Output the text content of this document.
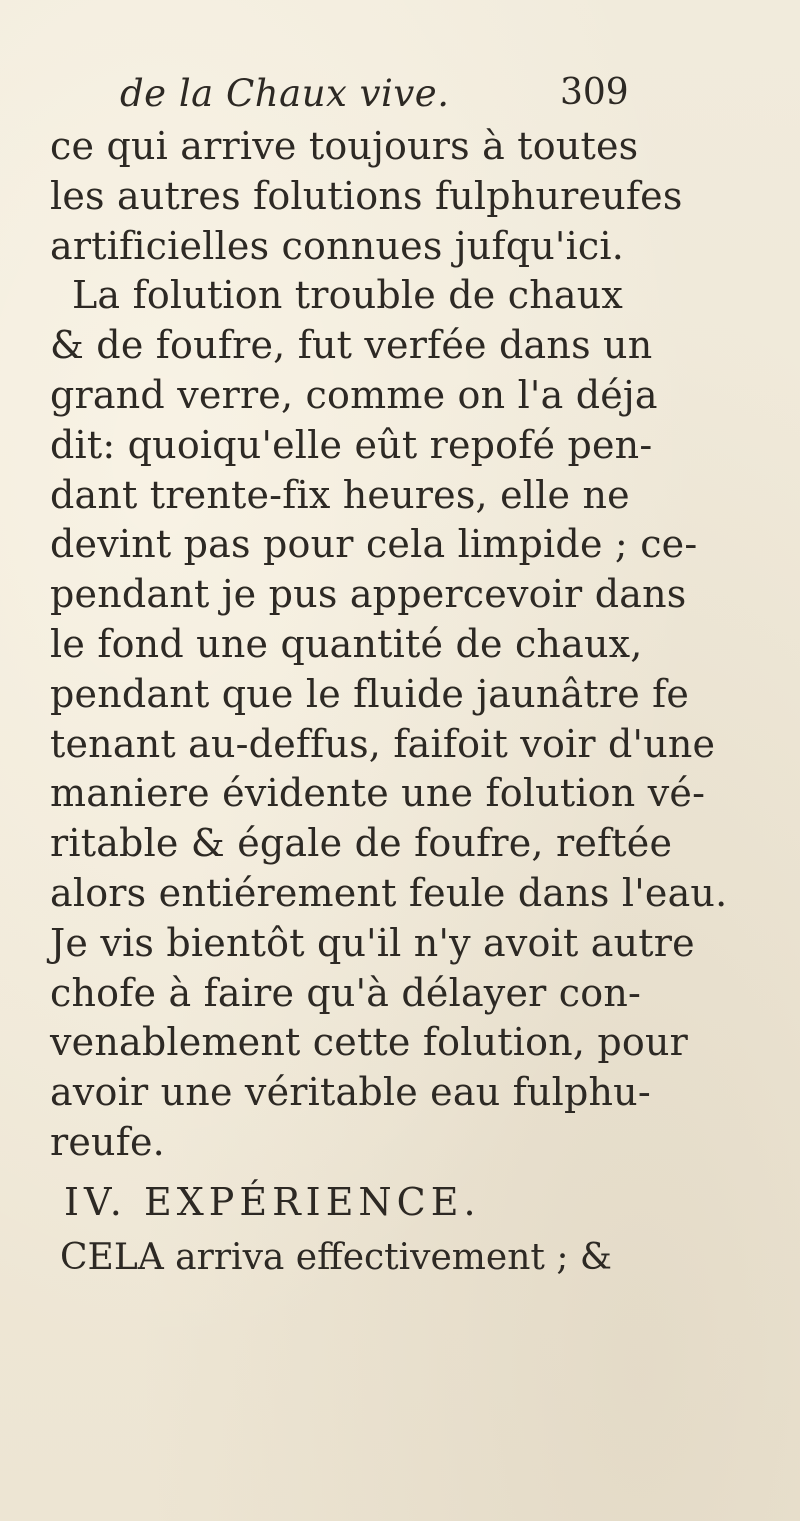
de la Chaux vive.	309
ce qui arrive toujours à toutes
les autres folutions fulphureufes
artificielles connues jufqu'ici.
La folution trouble de chaux
& de foufre, fut verfée dans un
grand verre, comme on l'a déja
dit: quoiqu'elle eût repofé pen-
dant trente-fix heures, elle ne
devint pas pour cela limpide ; ce-
pendant je pus appercevoir dans
le fond une quantité de chaux,
pendant que le fluide jaunâtre fe
tenant au-deffus, faifoit voir d'une
maniere évidente une folution vé-
ritable & égale de foufre, reftée
alors entiérement feule dans l'eau.
Je vis bientôt qu'il n'y avoit autre
chofe à faire qu'à délayer con-
venablement cette folution, pour
avoir une véritable eau fulphu-
reufe.
IV. EXPÉRIENCE.
CELA arriva effectivement ; &
